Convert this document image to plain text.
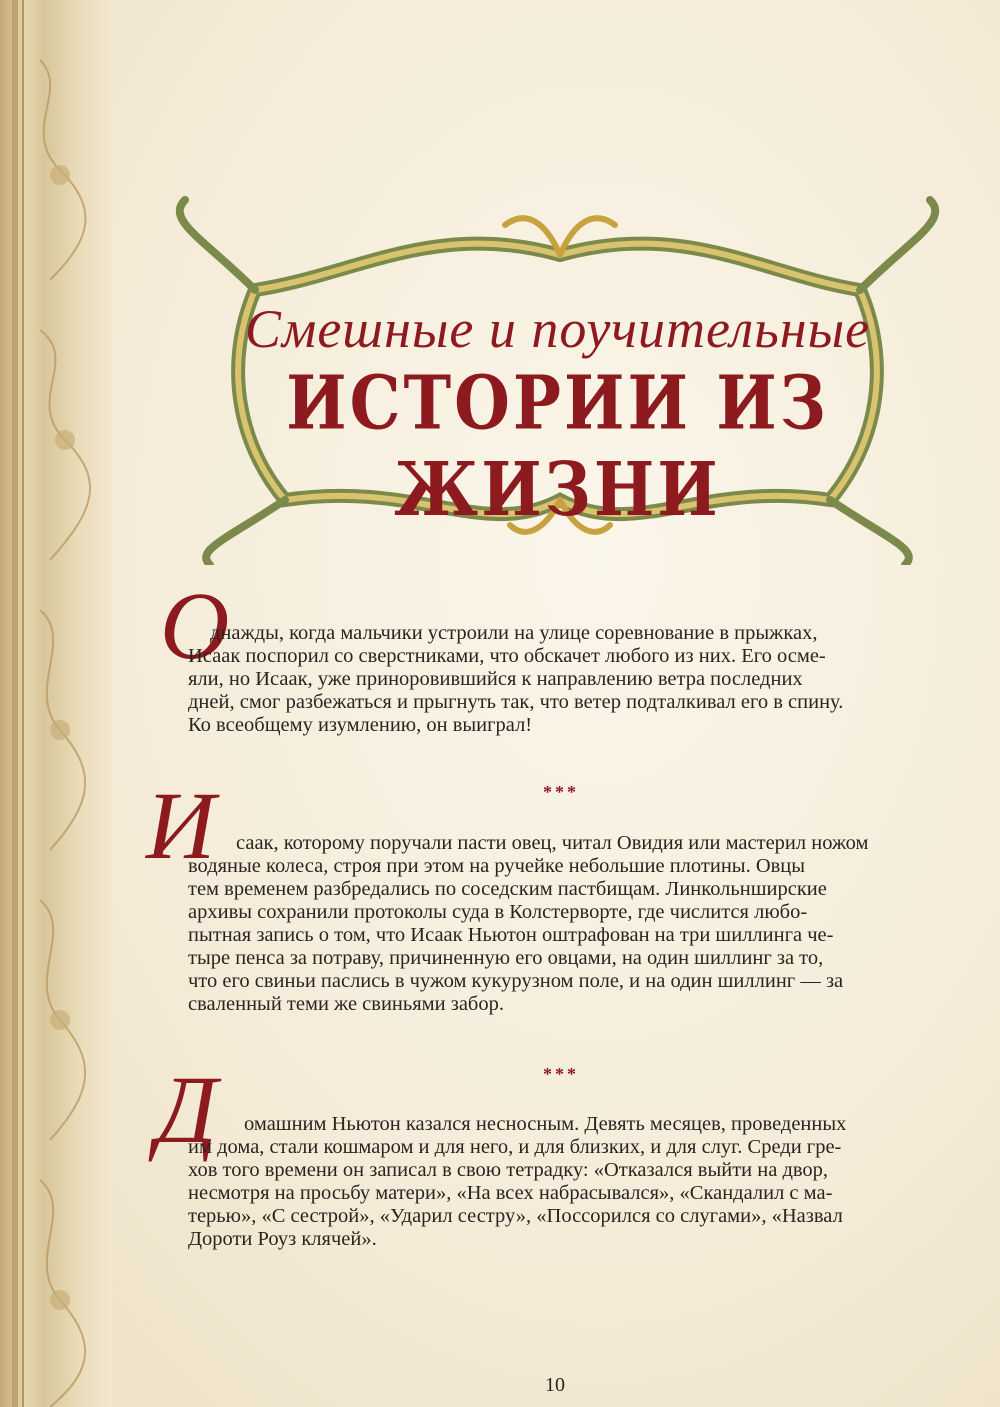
Смешные и поучительные
ИСТОРИИ ИЗ ЖИЗНИ
О

днажды, когда мальчики устроили на улице соревнование в прыжках,

Исаак поспорил со сверстниками, что обскачет любого из них. Его осме-

яли, но Исаак, уже приноровившийся к направлению ветра последних

дней, смог разбежаться и прыгнуть так, что ветер подталкивал его в спину.

Ко всеобщему изумлению, он выиграл!

***
И	саак, которому поручали пасти овец, читал Овидия или мастерил ножом

водяные колеса, строя при этом на ручейке небольшие плотины. Овцы

тем временем разбредались по соседским пастбищам. Линкольнширские

архивы сохранили протоколы суда в Колстерворте, где числится любо-

пытная запись о том, что Исаак Ньютон оштрафован на три шиллинга че-

тыре пенса за потраву, причиненную его овцами, на один шиллинг за то,

что его свиньи паслись в чужом кукурузном поле, и на один шиллинг — за

сваленный теми же свиньями забор.

***
Д	омашним Ньютон казался несносным. Девять месяцев, проведенных

им дома, стали кошмаром и для него, и для близких, и для слуг. Среди гре-

хов того времени он записал в свою тетрадку: «Отказался выйти на двор,

несмотря на просьбу матери», «На всех набрасывался», «Скандалил с ма-

терью», «С сестрой», «Ударил сестру», «Поссорился со слугами», «Назвал

Дороти Роуз клячей».

10
